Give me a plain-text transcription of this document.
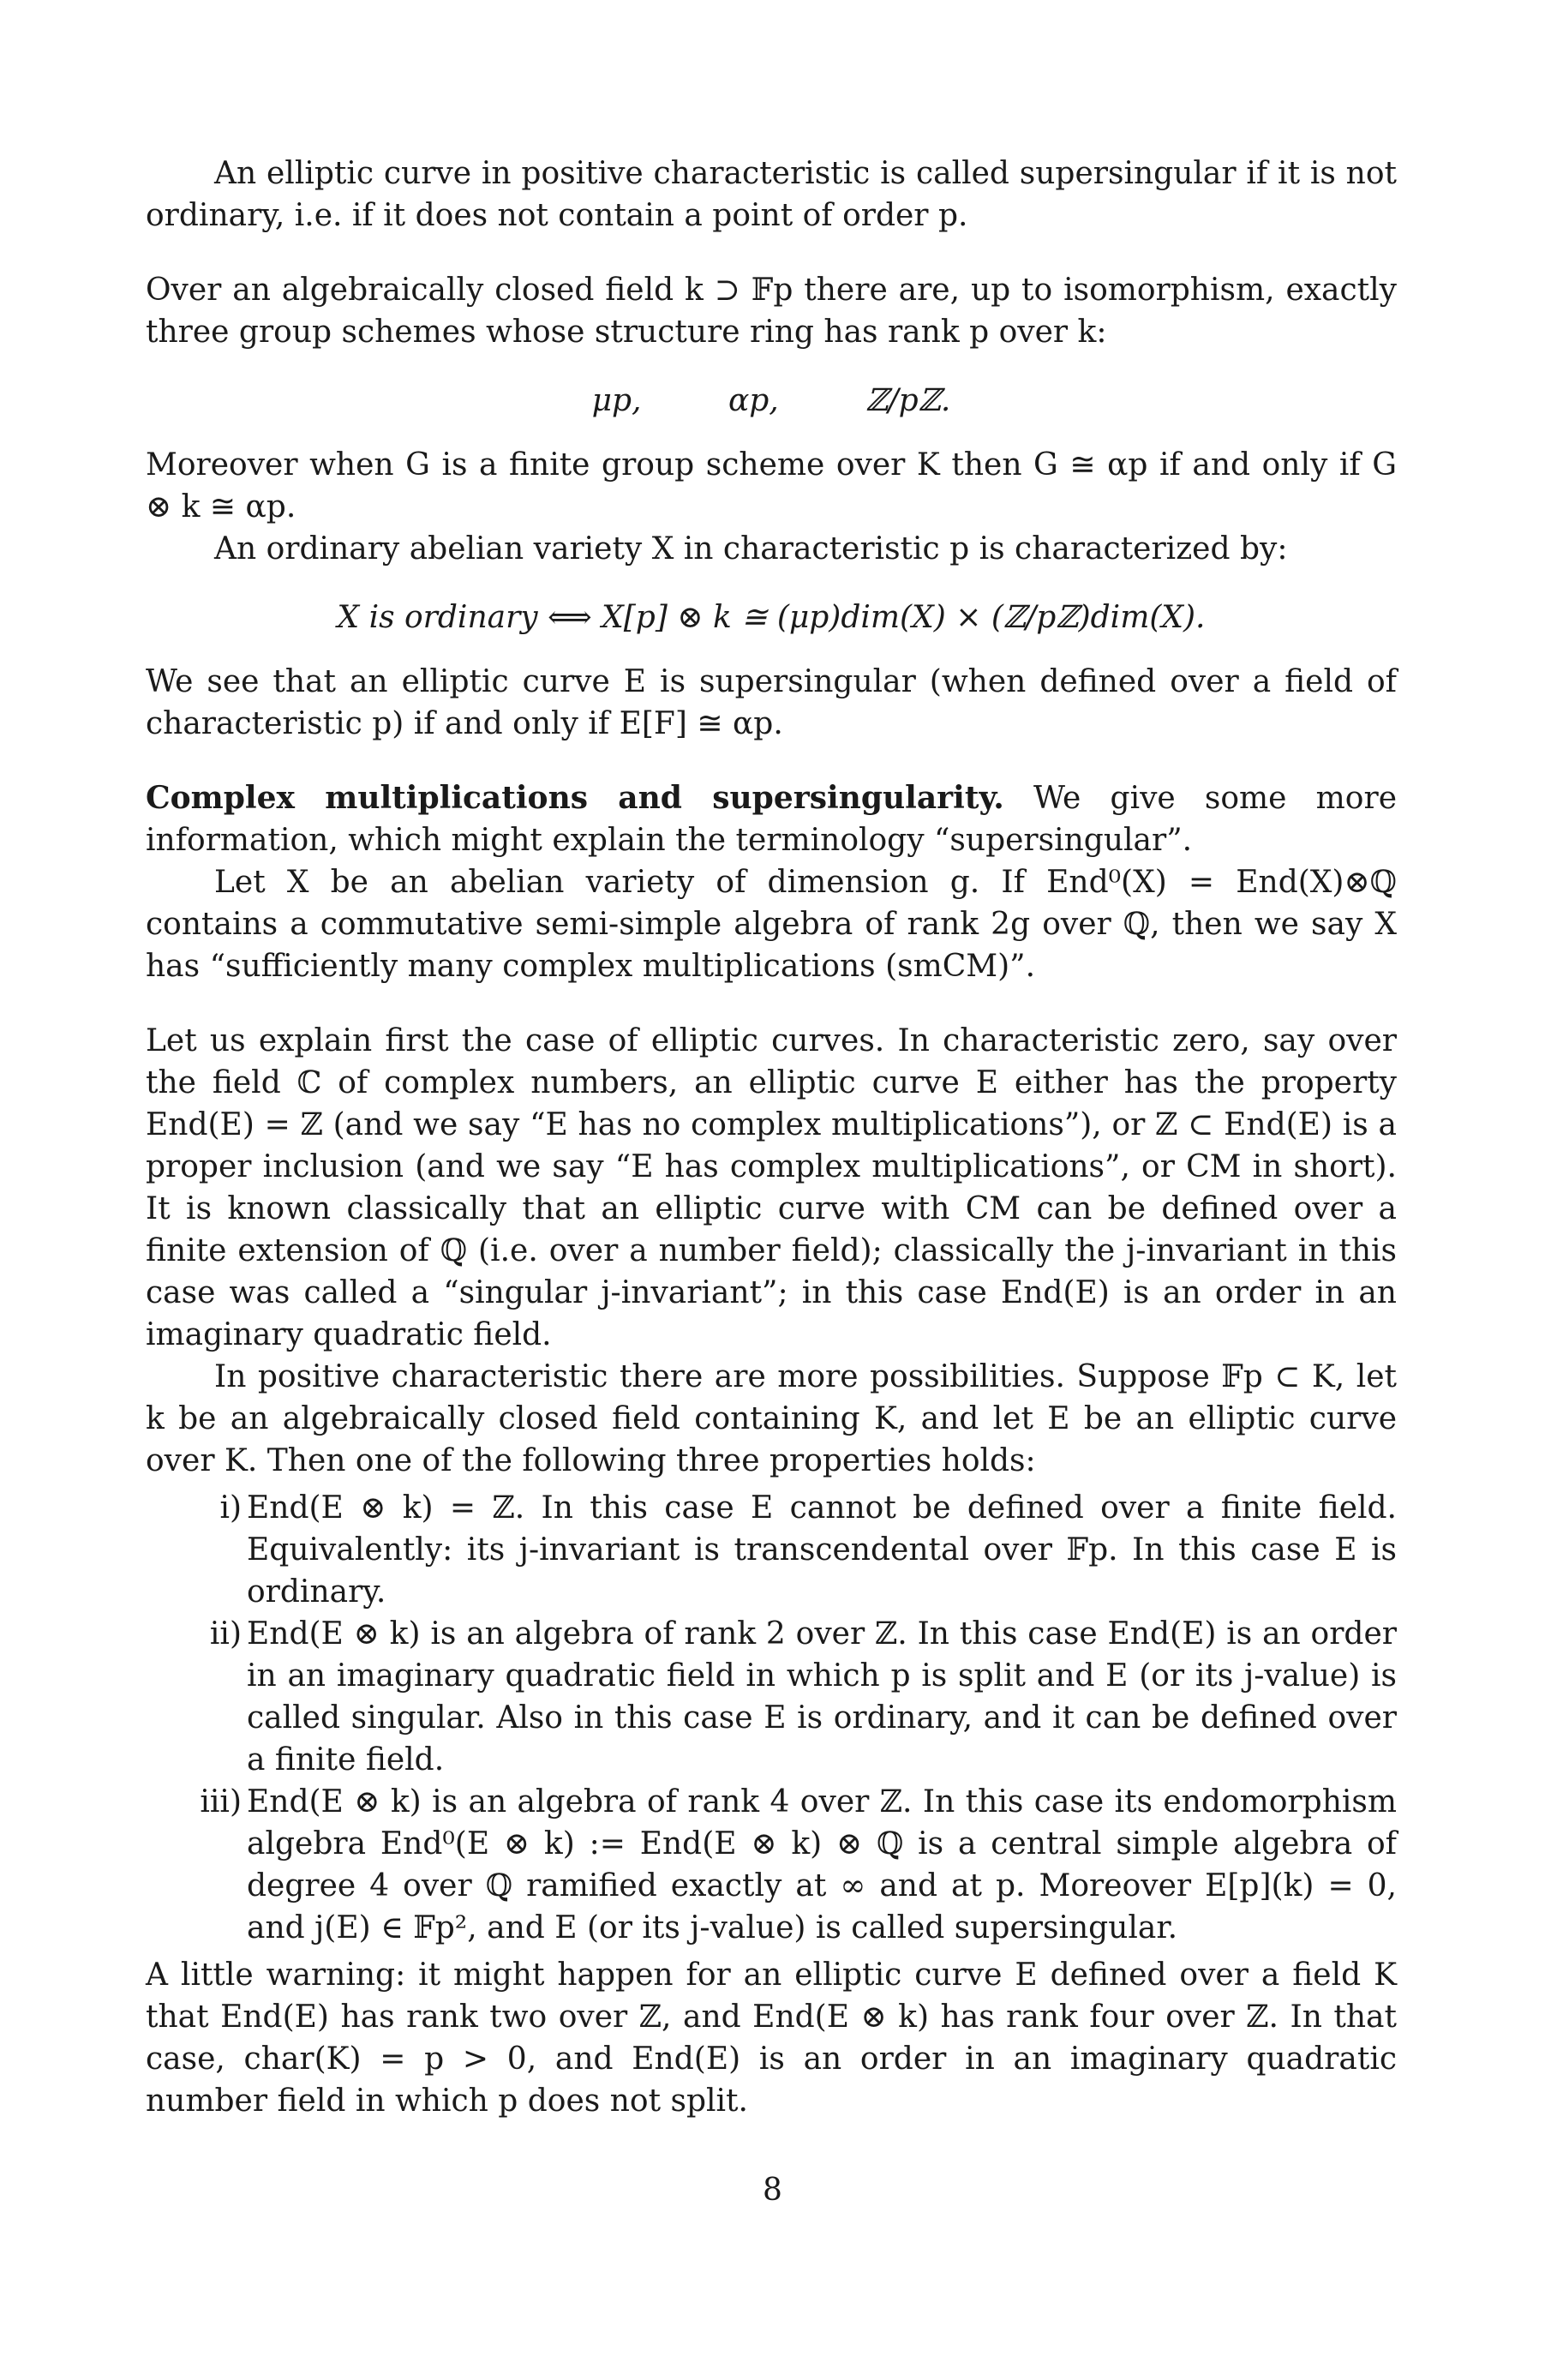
An elliptic curve in positive characteristic is called supersingular if it is not ordinary, i.e. if it does not contain a point of order p.

Over an algebraically closed field k ⊃ 𝔽p there are, up to isomorphism, exactly three group schemes whose structure ring has rank p over k:

μp,	αp,	ℤ/pℤ.

Moreover when G is a finite group scheme over K then G ≅ αp if and only if G ⊗ k ≅ αp.

An ordinary abelian variety X in characteristic p is characterized by:

X is ordinary ⟺ X[p] ⊗ k ≅ (μp)dim(X) × (ℤ/pℤ)dim(X).

We see that an elliptic curve E is supersingular (when defined over a field of characteristic p) if and only if E[F] ≅ αp.

Complex multiplications and supersingularity. We give some more information, which might explain the terminology “supersingular”.

Let X be an abelian variety of dimension g. If End⁰(X) = End(X)⊗ℚ contains a commutative semi-simple algebra of rank 2g over ℚ, then we say X has “sufficiently many complex multiplications (smCM)”.

Let us explain first the case of elliptic curves. In characteristic zero, say over the field ℂ of complex numbers, an elliptic curve E either has the property End(E) = ℤ (and we say “E has no complex multiplications”), or ℤ ⊂ End(E) is a proper inclusion (and we say “E has complex multiplications”, or CM in short). It is known classically that an elliptic curve with CM can be defined over a finite extension of ℚ (i.e. over a number field); classically the j-invariant in this case was called a “singular j-invariant”; in this case End(E) is an order in an imaginary quadratic field.

In positive characteristic there are more possibilities. Suppose 𝔽p ⊂ K, let k be an algebraically closed field containing K, and let E be an elliptic curve over K. Then one of the following three properties holds:

i) End(E ⊗ k) = ℤ. In this case E cannot be defined over a finite field. Equivalently: its j-invariant is transcendental over 𝔽p. In this case E is ordinary.
ii) End(E ⊗ k) is an algebra of rank 2 over ℤ. In this case End(E) is an order in an imaginary quadratic field in which p is split and E (or its j-value) is called singular. Also in this case E is ordinary, and it can be defined over a finite field.
iii) End(E ⊗ k) is an algebra of rank 4 over ℤ. In this case its endomorphism algebra End⁰(E ⊗ k) := End(E ⊗ k) ⊗ ℚ is a central simple algebra of degree 4 over ℚ ramified exactly at ∞ and at p. Moreover E[p](k) = 0, and j(E) ∈ 𝔽p², and E (or its j-value) is called supersingular.

A little warning: it might happen for an elliptic curve E defined over a field K that End(E) has rank two over ℤ, and End(E ⊗ k) has rank four over ℤ. In that case, char(K) = p > 0, and End(E) is an order in an imaginary quadratic number field in which p does not split.

8
